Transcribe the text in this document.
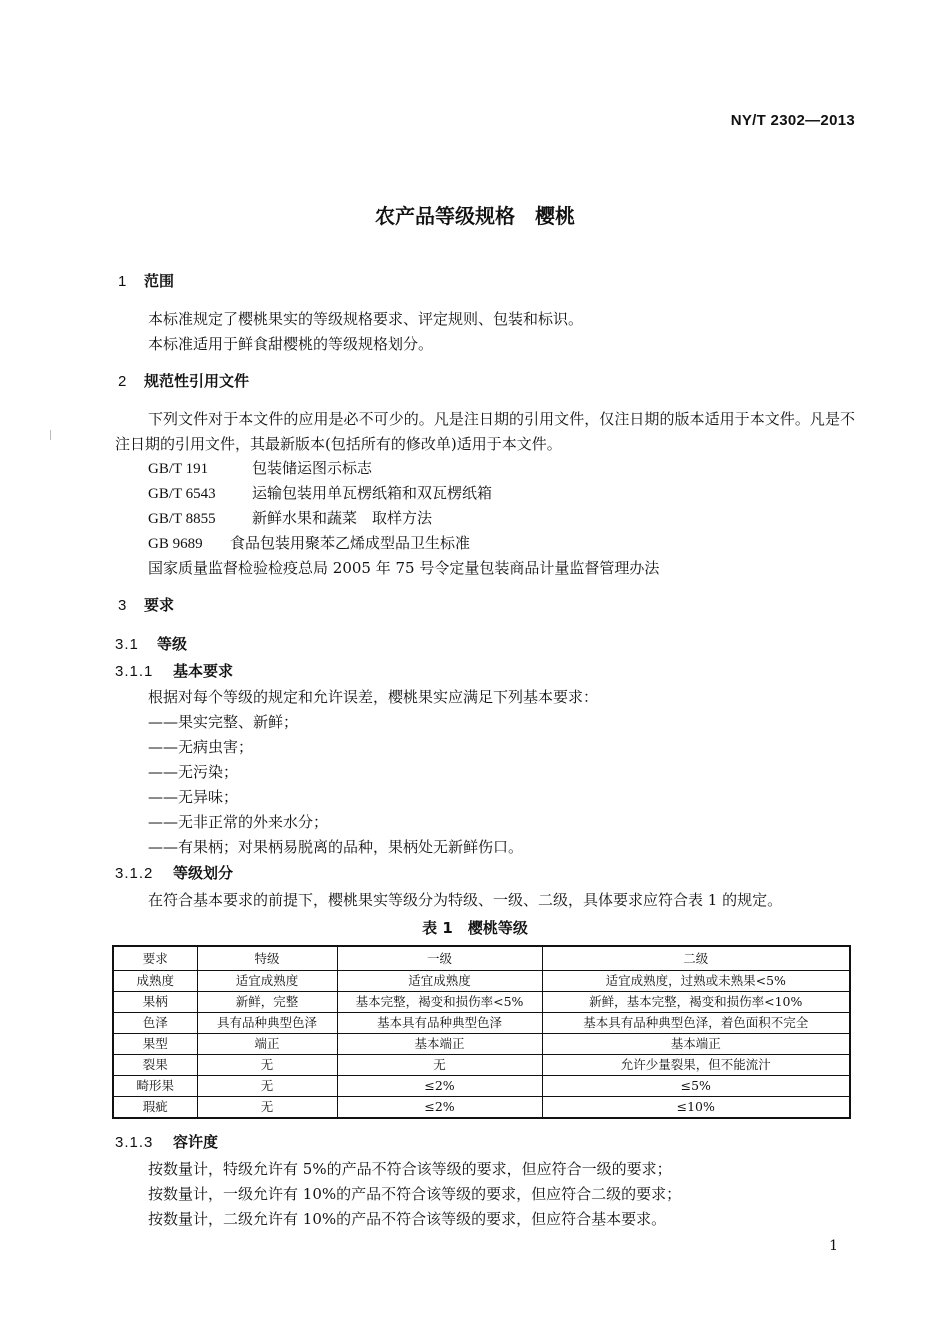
NY/T 2302—2013
农产品等级规格　樱桃
1 范围
本标准规定了樱桃果实的等级规格要求、评定规则、包装和标识。
本标准适用于鲜食甜樱桃的等级规格划分。
2 规范性引用文件
下列文件对于本文件的应用是必不可少的。凡是注日期的引用文件，仅注日期的版本适用于本文件。凡是不注日期的引用文件，其最新版本(包括所有的修改单)适用于本文件。
GB/T 191	包装储运图示标志
GB/T 6543 运输包装用单瓦楞纸箱和双瓦楞纸箱
GB/T 8855 新鲜水果和蔬菜　取样方法
GB 9689 食品包装用聚苯乙烯成型品卫生标准
国家质量监督检验检疫总局 2005 年 75 号令定量包装商品计量监督管理办法
3 要求
3.1 等级
3.1.1 基本要求
根据对每个等级的规定和允许误差，樱桃果实应满足下列基本要求：
——果实完整、新鲜；
——无病虫害；
——无污染；
——无异味；
——无非正常的外来水分；
——有果柄；对果柄易脱离的品种，果柄处无新鲜伤口。
3.1.2 等级划分
在符合基本要求的前提下，樱桃果实等级分为特级、一级、二级，具体要求应符合表 1 的规定。
表 1　樱桃等级
要求	特级	一级	二级
成熟度	适宜成熟度	适宜成熟度	适宜成熟度，过熟或未熟果<5%
果柄	新鲜，完整	基本完整，褐变和损伤率<5%	新鲜，基本完整，褐变和损伤率<10%
色泽	具有品种典型色泽	基本具有品种典型色泽	基本具有品种典型色泽，着色面积不完全
果型	端正	基本端正	基本端正
裂果	无	无	允许少量裂果，但不能流汁
畸形果	无	≤2%	≤5%
瑕疵	无	≤2%	≤10%
3.1.3 容许度
按数量计，特级允许有 5%的产品不符合该等级的要求，但应符合一级的要求；
按数量计，一级允许有 10%的产品不符合该等级的要求，但应符合二级的要求；
按数量计，二级允许有 10%的产品不符合该等级的要求，但应符合基本要求。
1
